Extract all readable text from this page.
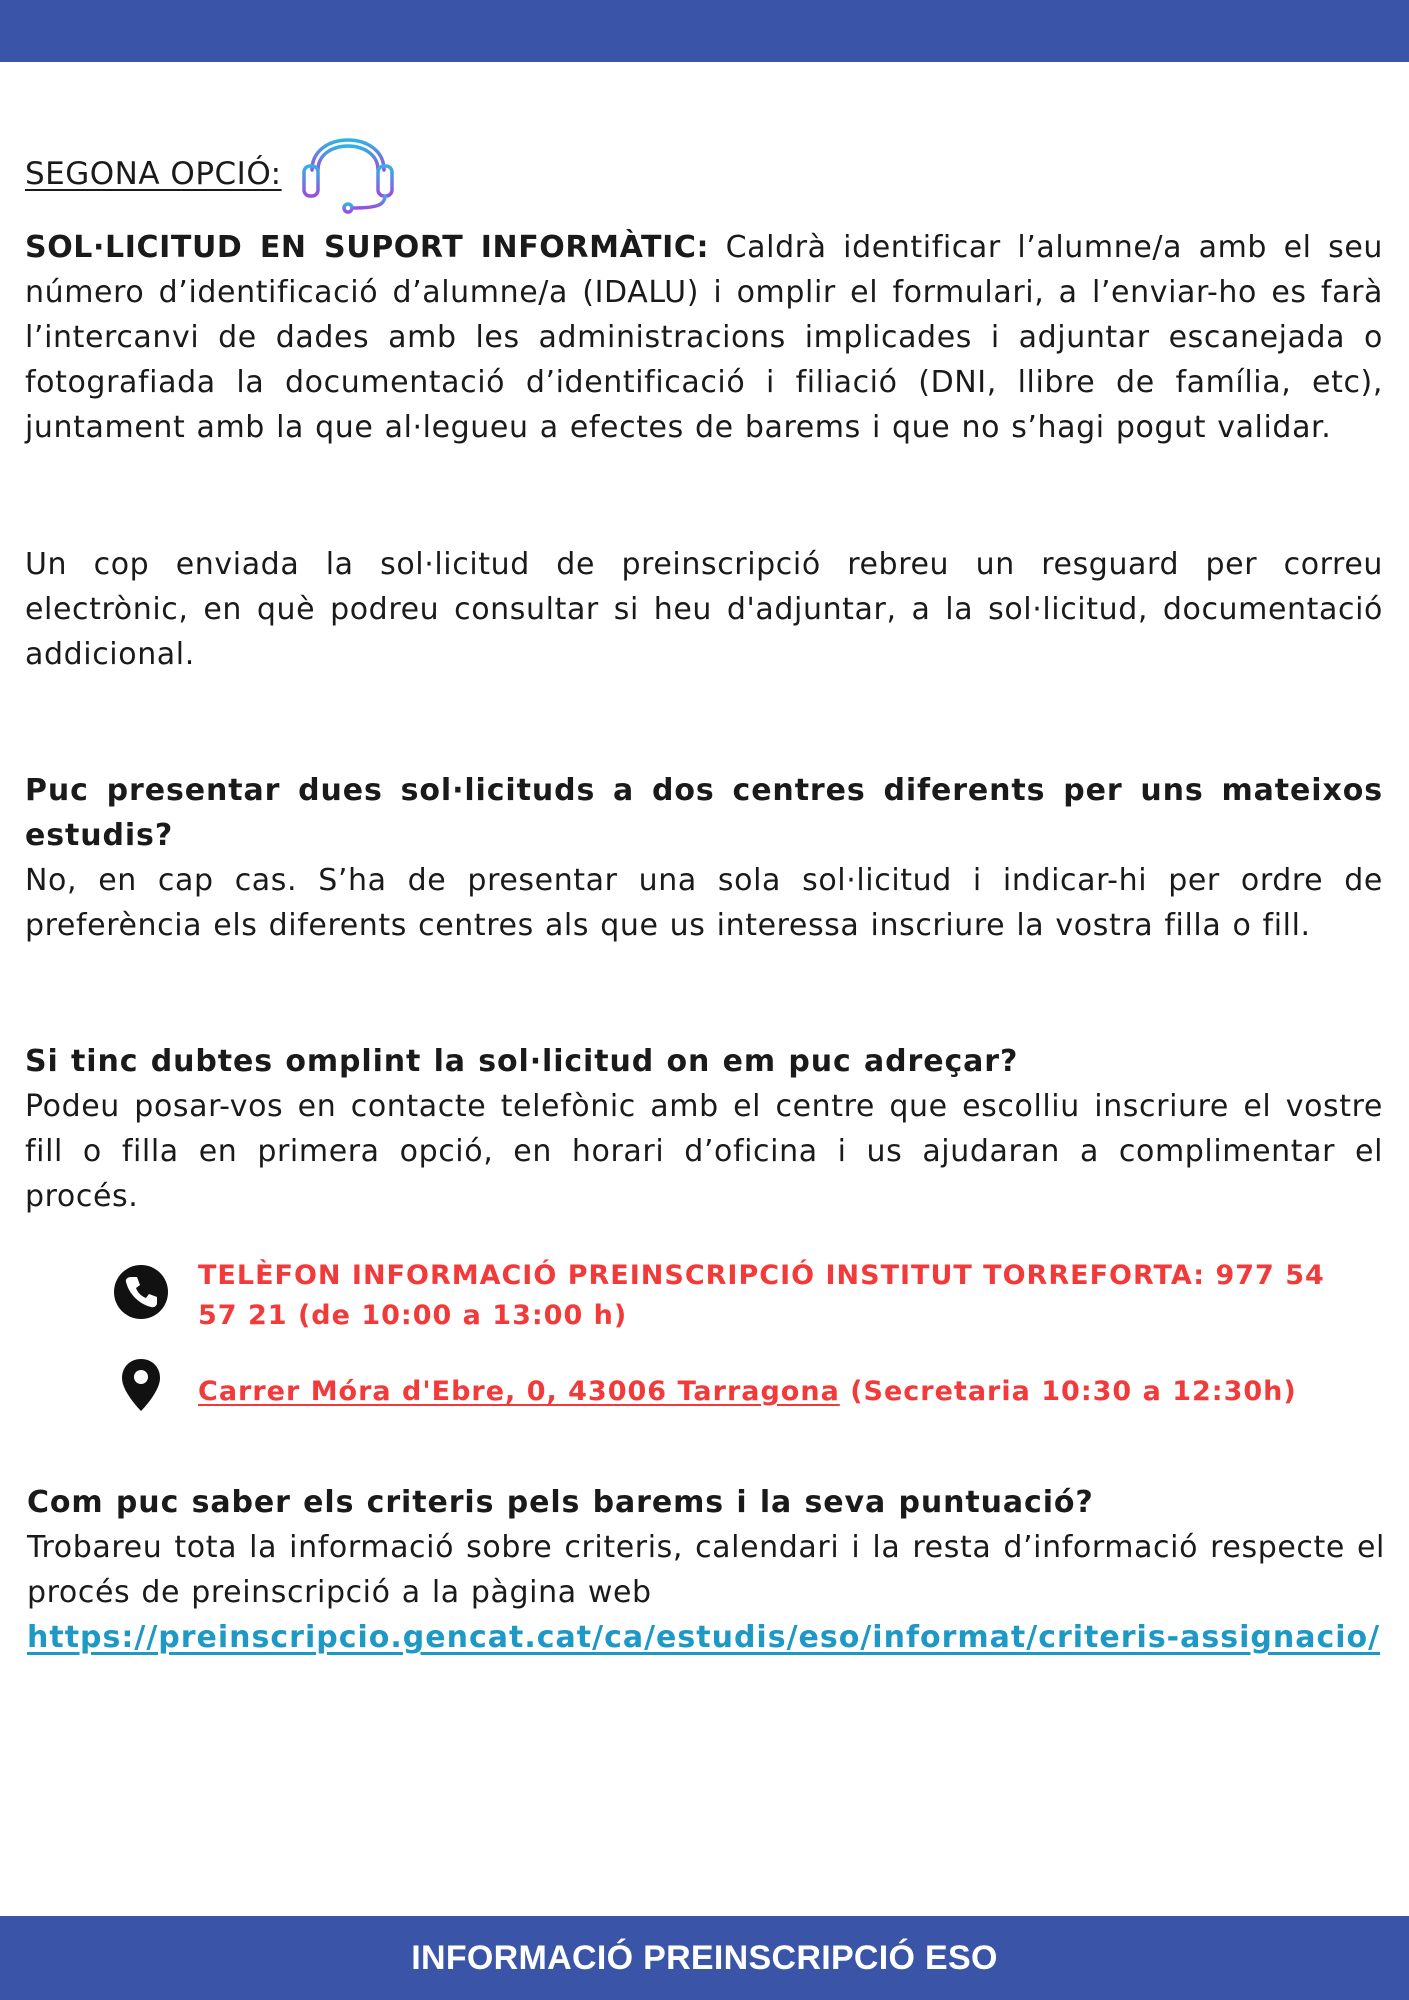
SEGONA OPCIÓ:

SOL·LICITUD EN SUPORT INFORMÀTIC: Caldrà identificar l’alumne/a amb el seu número d’identificació d’alumne/a (IDALU) i omplir el formulari, a l’enviar-ho es farà l’intercanvi de dades amb les administracions implicades i adjuntar escanejada o fotografiada la documentació d’identificació i filiació (DNI, llibre de família, etc), juntament amb la que al·legueu a efectes de barems i que no s’hagi pogut validar.

Un cop enviada la sol·licitud de preinscripció rebreu un resguard per correu electrònic, en què podreu consultar si heu d'adjuntar, a la sol·licitud, documentació addicional.

Puc presentar dues sol·licituds a dos centres diferents per uns mateixos estudis?
No, en cap cas. S’ha de presentar una sola sol·licitud i indicar-hi per ordre de preferència els diferents centres als que us interessa inscriure la vostra filla o fill.

Si tinc dubtes omplint la sol·licitud on em puc adreçar?
Podeu posar-vos en contacte telefònic amb el centre que escolliu inscriure el vostre fill o filla en primera opció, en horari d’oficina i us ajudaran a complimentar el procés.

TELÈFON INFORMACIÓ PREINSCRIPCIÓ INSTITUT TORREFORTA: 977 54 57 21 (de 10:00 a 13:00 h)
Carrer Móra d'Ebre, 0, 43006 Tarragona (Secretaria 10:30 a 12:30h)

Com puc saber els criteris pels barems i la seva puntuació?
Trobareu tota la informació sobre criteris, calendari i la resta d’informació respecte el procés de preinscripció a la pàgina web
https://preinscripcio.gencat.cat/ca/estudis/eso/informat/criteris-assignacio/

INFORMACIÓ PREINSCRIPCIÓ ESO
